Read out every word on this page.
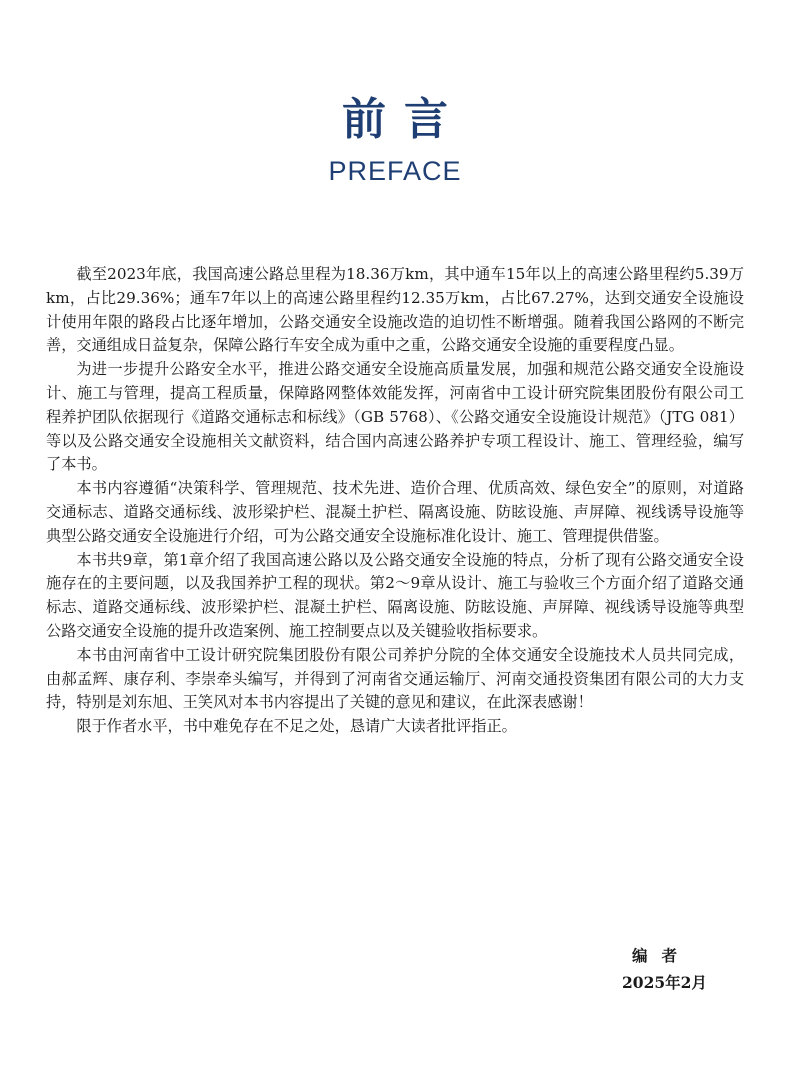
前言
PREFACE

截至2023年底，我国高速公路总里程为18.36万km，其中通车15年以上的高速公路里程约5.39万km，占比29.36%；通车7年以上的高速公路里程约12.35万km，占比67.27%，达到交通安全设施设计使用年限的路段占比逐年增加，公路交通安全设施改造的迫切性不断增强。随着我国公路网的不断完善，交通组成日益复杂，保障公路行车安全成为重中之重，公路交通安全设施的重要程度凸显。

为进一步提升公路安全水平，推进公路交通安全设施高质量发展，加强和规范公路交通安全设施设计、施工与管理，提高工程质量，保障路网整体效能发挥，河南省中工设计研究院集团股份有限公司工程养护团队依据现行《道路交通标志和标线》（GB 5768）、《公路交通安全设施设计规范》（JTG 081）等以及公路交通安全设施相关文献资料，结合国内高速公路养护专项工程设计、施工、管理经验，编写了本书。

本书内容遵循“决策科学、管理规范、技术先进、造价合理、优质高效、绿色安全”的原则，对道路交通标志、道路交通标线、波形梁护栏、混凝土护栏、隔离设施、防眩设施、声屏障、视线诱导设施等典型公路交通安全设施进行介绍，可为公路交通安全设施标准化设计、施工、管理提供借鉴。

本书共9章，第1章介绍了我国高速公路以及公路交通安全设施的特点，分析了现有公路交通安全设施存在的主要问题，以及我国养护工程的现状。第2～9章从设计、施工与验收三个方面介绍了道路交通标志、道路交通标线、波形梁护栏、混凝土护栏、隔离设施、防眩设施、声屏障、视线诱导设施等典型公路交通安全设施的提升改造案例、施工控制要点以及关键验收指标要求。

本书由河南省中工设计研究院集团股份有限公司养护分院的全体交通安全设施技术人员共同完成，由郝孟辉、康存利、李崇牵头编写，并得到了河南省交通运输厅、河南交通投资集团有限公司的大力支持，特别是刘东旭、王笑风对本书内容提出了关键的意见和建议，在此深表感谢！

限于作者水平，书中难免存在不足之处，恳请广大读者批评指正。

编者
2025年2月
